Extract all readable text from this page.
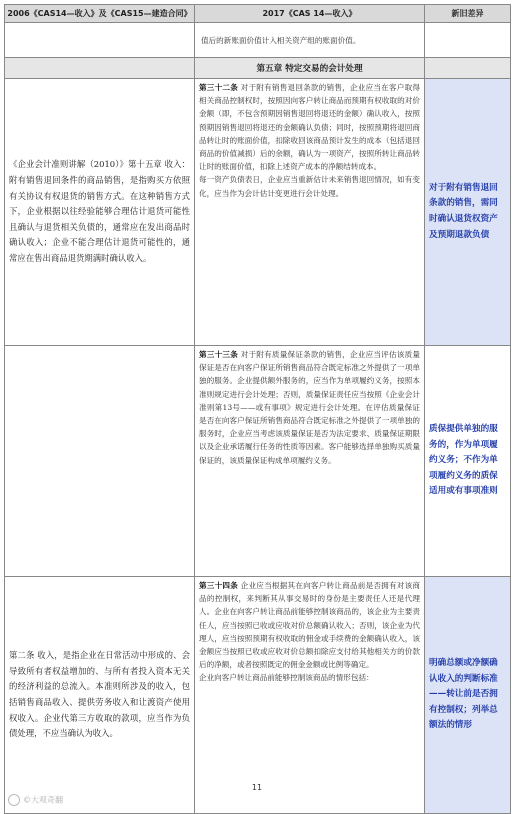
2006《CAS14—收入》及《CAS15—建造合同》	2017《CAS 14—收入》	新旧差异
	值后的新账面价值计入相关资产组的账面价值。	
	第五章 特定交易的会计处理	
《企业会计准则讲解（2010）》第十五章 收入：附有销售退回条件的商品销售，是指购买方依照有关协议有权退货的销售方式。在这种销售方式下，企业根据以往经验能够合理估计退货可能性且确认与退货相关负债的，通常应在发出商品时确认收入；企业不能合理估计退货可能性的，通常应在售出商品退货期满时确认收入。	第三十二条 对于附有销售退回条款的销售，企业应当在客户取得相关商品控制权时，按照因向客户转让商品而预期有权收取的对价金额（即，不包含预期因销售退回将退还的金额）确认收入，按照预期因销售退回将退还的金额确认负债；同时，按照预期将退回商品转让时的账面价值，扣除收回该商品预计发生的成本（包括退回商品的价值减损）后的余额，确认为一项资产，按照所转让商品转让时的账面价值，扣除上述资产成本的净额结转成本。
每一资产负债表日，企业应当重新估计未来销售退回情况，如有变化，应当作为会计估计变更进行会计处理。	对于附有销售退回条款的销售，需同时确认退货权资产及预期退款负债
	第三十三条 对于附有质量保证条款的销售，企业应当评估该质量保证是否在向客户保证所销售商品符合既定标准之外提供了一项单独的服务。企业提供额外服务的，应当作为单项履约义务，按照本准则规定进行会计处理；否则，质量保证责任应当按照《企业会计准则第13号——或有事项》规定进行会计处理。在评估质量保证是否在向客户保证所销售商品符合既定标准之外提供了一项单独的服务时，企业应当考虑该质量保证是否为法定要求、质量保证期限以及企业承诺履行任务的性质等因素。客户能够选择单独购买质量保证的，该质量保证构成单项履约义务。	质保提供单独的服务的，作为单项履约义务；不作为单项履约义务的质保适用或有事项准则
第二条 收入，是指企业在日常活动中形成的、会导致所有者权益增加的、与所有者投入资本无关的经济利益的总流入。本准则所涉及的收入，包括销售商品收入、提供劳务收入和让渡资产使用权收入。企业代第三方收取的款项，应当作为负债处理，不应当确认为收入。	第三十四条 企业应当根据其在向客户转让商品前是否拥有对该商品的控制权，来判断其从事交易时的身份是主要责任人还是代理人。企业在向客户转让商品前能够控制该商品的，该企业为主要责任人，应当按照已收或应收对价总额确认收入；否则，该企业为代理人，应当按照预期有权收取的佣金或手续费的金额确认收入，该金额应当按照已收或应收对价总额扣除应支付给其他相关方的价款后的净额，或者按照既定的佣金金额或比例等确定。
企业向客户转让商品前能够控制该商品的情形包括：	明确总额或净额确认收入的判断标准——转让前是否拥有控制权；列举总额法的情形
11
©大观奇翻
